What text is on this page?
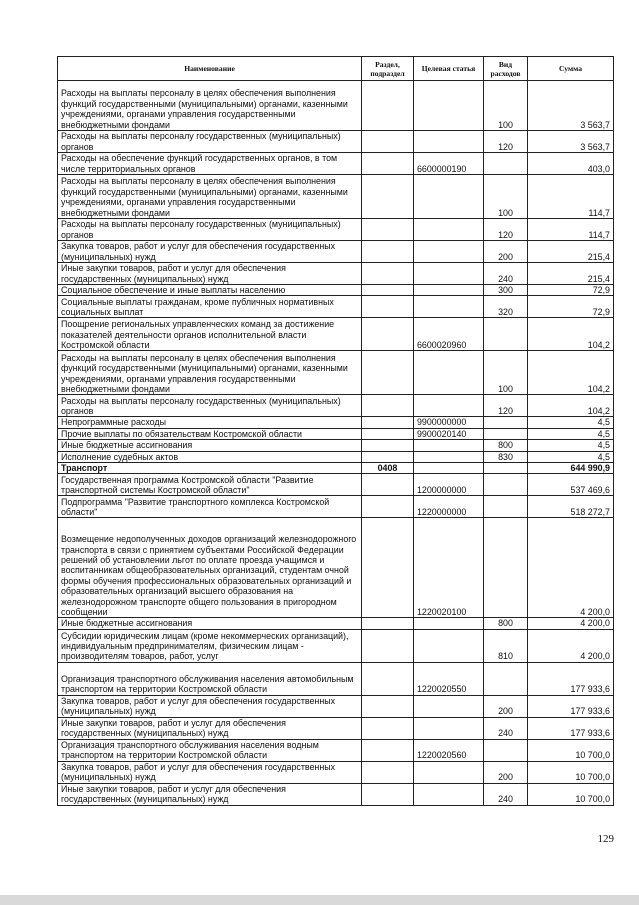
Наименование	Раздел, подраздел	Целевая статья	Вид расходов	Сумма
Расходы на выплаты персоналу в целях обеспечения выполнения функций государственными (муниципальными) органами, казенными учреждениями, органами управления государственными внебюджетными фондами			100	3 563,7
Расходы на выплаты персоналу государственных (муниципальных) органов			120	3 563,7
Расходы на обеспечение функций государственных органов, в том числе территориальных органов		6600000190		403,0
Расходы на выплаты персоналу в целях обеспечения выполнения функций государственными (муниципальными) органами, казенными учреждениями, органами управления государственными внебюджетными фондами			100	114,7
Расходы на выплаты персоналу государственных (муниципальных) органов			120	114,7
Закупка товаров, работ и услуг для обеспечения государственных (муниципальных) нужд			200	215,4
Иные закупки товаров, работ и услуг для обеспечения государственных (муниципальных) нужд			240	215,4
Социальное обеспечение и иные выплаты населению			300	72,9
Социальные выплаты гражданам, кроме публичных нормативных социальных выплат			320	72,9
Поощрение региональных управленческих команд за достижение показателей деятельности органов исполнительной власти Костромской области		6600020960		104,2
Расходы на выплаты персоналу в целях обеспечения выполнения функций государственными (муниципальными) органами, казенными учреждениями, органами управления государственными внебюджетными фондами			100	104,2
Расходы на выплаты персоналу государственных (муниципальных) органов			120	104,2
Непрограммные расходы		9900000000		4,5
Прочие выплаты по обязательствам Костромской области		9900020140		4,5
Иные бюджетные ассигнования			800	4,5
Исполнение судебных актов			830	4,5
Транспорт	0408			644 990,9
Государственная программа Костромской области "Развитие транспортной системы Костромской области"		1200000000		537 469,6
Подпрограмма "Развитие транспортного комплекса Костромской области"		1220000000		518 272,7
Возмещение недополученных доходов организаций железнодорожного транспорта в связи с принятием субъектами Российской Федерации решений об установлении льгот по оплате проезда учащимся и воспитанникам общеобразовательных организаций, студентам очной формы обучения профессиональных образовательных организаций и образовательных организаций высшего образования на железнодорожном транспорте общего пользования в пригородном сообщении		1220020100		4 200,0
Иные бюджетные ассигнования			800	4 200,0
Субсидии юридическим лицам (кроме некоммерческих организаций), индивидуальным предпринимателям, физическим лицам - производителям товаров, работ, услуг			810	4 200,0
Организация транспортного обслуживания населения автомобильным транспортом на территории Костромской области		1220020550		177 933,6
Закупка товаров, работ и услуг для обеспечения государственных (муниципальных) нужд			200	177 933,6
Иные закупки товаров, работ и услуг для обеспечения государственных (муниципальных) нужд			240	177 933,6
Организация транспортного обслуживания населения водным транспортом на территории Костромской области		1220020560		10 700,0
Закупка товаров, работ и услуг для обеспечения государственных (муниципальных) нужд			200	10 700,0
Иные закупки товаров, работ и услуг для обеспечения государственных (муниципальных) нужд			240	10 700,0
129
